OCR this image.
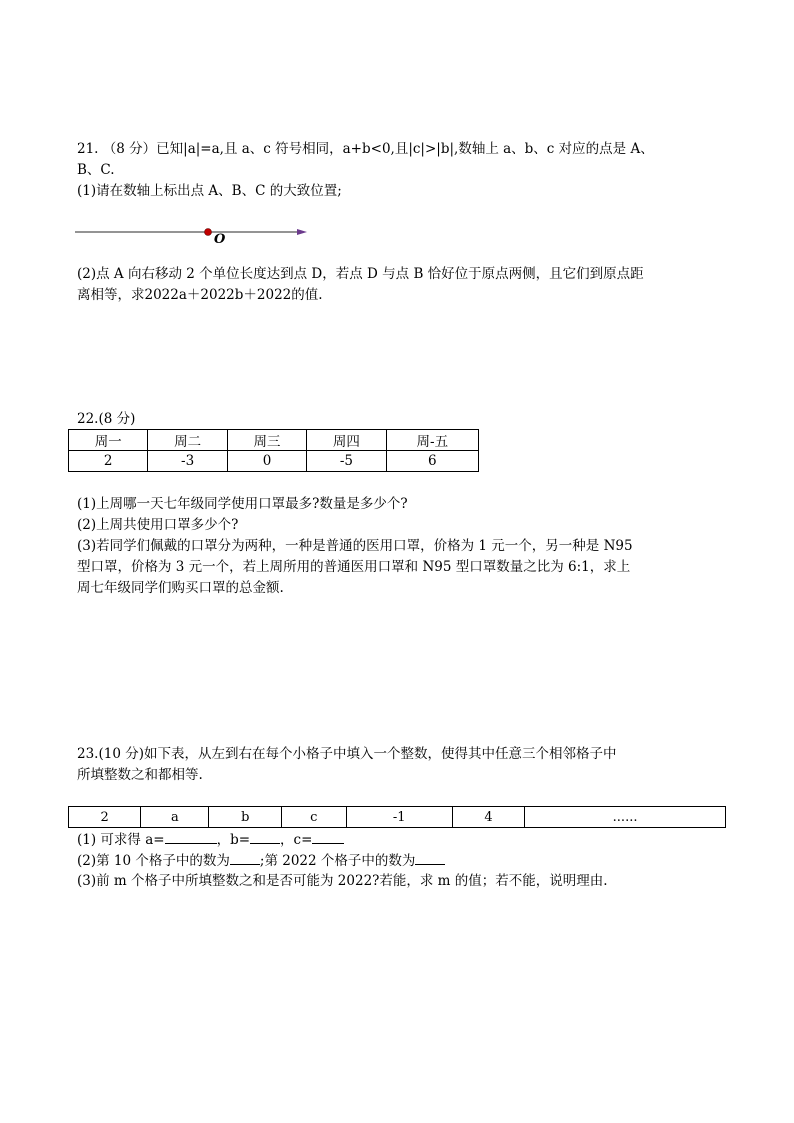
21. （8 分）已知|a|=a,且 a、c 符号相同，a+b<0,且|c|>|b|,数轴上 a、b、c 对应的点是 A、
B、C.
(1)请在数轴上标出点 A、B、C 的大致位置;
O
(2)点 A 向右移动 2 个单位长度达到点 D，若点 D 与点 B 恰好位于原点两侧，且它们到原点距
离相等，求2022a＋2022b＋2022的值.
22.(8 分)
周一	周二	周三	周四	周-五
2	-3	0	-5	6
(1)上周哪一天七年级同学使用口罩最多?数量是多少个?
(2)上周共使用口罩多少个?
(3)若同学们佩戴的口罩分为两种，一种是普通的医用口罩，价格为 1 元一个，另一种是 N95
型口罩，价格为 3 元一个，若上周所用的普通医用口罩和 N95 型口罩数量之比为 6:1，求上
周七年级同学们购买口罩的总金额.
23.(10 分)如下表，从左到右在每个小格子中填入一个整数，使得其中任意三个相邻格子中
所填整数之和都相等.
2	a	b	c	-1	4	......
(1) 可求得 a=	，b= ，c=
(2)第 10 个格子中的数为 ;第 2022 个格子中的数为
(3)前 m 个格子中所填整数之和是否可能为 2022?若能，求 m 的值；若不能，说明理由.
